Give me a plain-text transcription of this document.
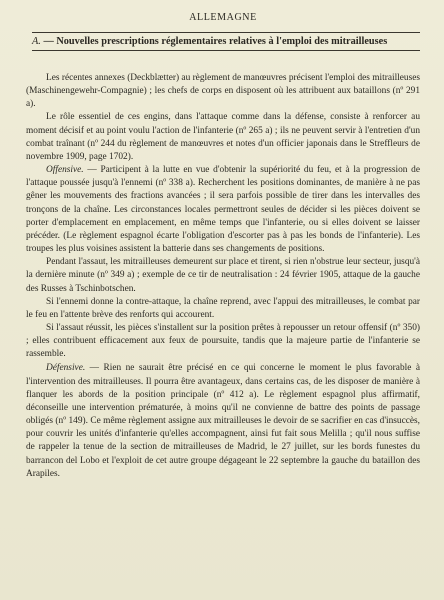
ALLEMAGNE
A. — Nouvelles prescriptions réglementaires relatives à l'emploi des mitrailleuses

Les récentes annexes (Deckblætter) au règlement de manœuvres précisent l'emploi des mitrailleuses (Maschinengewehr-Compagnie) ; les chefs de corps en disposent où les attribuent aux bataillons (nº 291 a).

Le rôle essentiel de ces engins, dans l'attaque comme dans la défense, consiste à renforcer au moment décisif et au point voulu l'action de l'infanterie (nº 265 a) ; ils ne peuvent servir à l'entretien d'un combat traînant (nº 244 du règlement de manœuvres et notes d'un officier japonais dans le Streffleurs de novembre 1909, page 1702).

Offensive. — Participent à la lutte en vue d'obtenir la supériorité du feu, et à la progression de l'attaque poussée jusqu'à l'ennemi (nº 338 a). Recherchent les positions dominantes, de manière à ne pas gêner les mouvements des fractions avancées ; il sera parfois possible de tirer dans les intervalles des tronçons de la chaîne. Les circonstances locales permettront seules de décider si les pièces doivent se porter d'emplacement en emplacement, en même temps que l'infanterie, ou si elles doivent se laisser précéder. (Le règlement espagnol écarte l'obligation d'escorter pas à pas les bonds de l'infanterie). Les troupes les plus voisines assistent la batterie dans ses changements de positions.

Pendant l'assaut, les mitrailleuses demeurent sur place et tirent, si rien n'obstrue leur secteur, jusqu'à la dernière minute (nº 349 a) ; exemple de ce tir de neutralisation : 24 février 1905, attaque de la gauche des Russes à Tschinbotschen.

Si l'ennemi donne la contre-attaque, la chaîne reprend, avec l'appui des mitrailleuses, le combat par le feu en l'attente brève des renforts qui accourent.

Si l'assaut réussit, les pièces s'installent sur la position prêtes à repousser un retour offensif (nº 350) ; elles contribuent efficacement aux feux de poursuite, tandis que la majeure partie de l'infanterie se rassemble.

Défensive. — Rien ne saurait être précisé en ce qui concerne le moment le plus favorable à l'intervention des mitrailleuses. Il pourra être avantageux, dans certains cas, de les disposer de manière à flanquer les abords de la position principale (nº 412 a). Le règlement espagnol plus affirmatif, déconseille une intervention prématurée, à moins qu'il ne convienne de battre des points de passage obligés (nº 149). Ce même règlement assigne aux mitrailleuses le devoir de se sacrifier en cas d'insuccès, pour couvrir les unités d'infanterie qu'elles accompagnent, ainsi fut fait sous Melilla ; qu'il nous suffise de rappeler la tenue de la section de mitrailleuses de Madrid, le 27 juillet, sur les bords funestes du barrancon del Lobo et l'exploit de cet autre groupe dégageant le 22 septembre la gauche du bataillon des Arapiles.
